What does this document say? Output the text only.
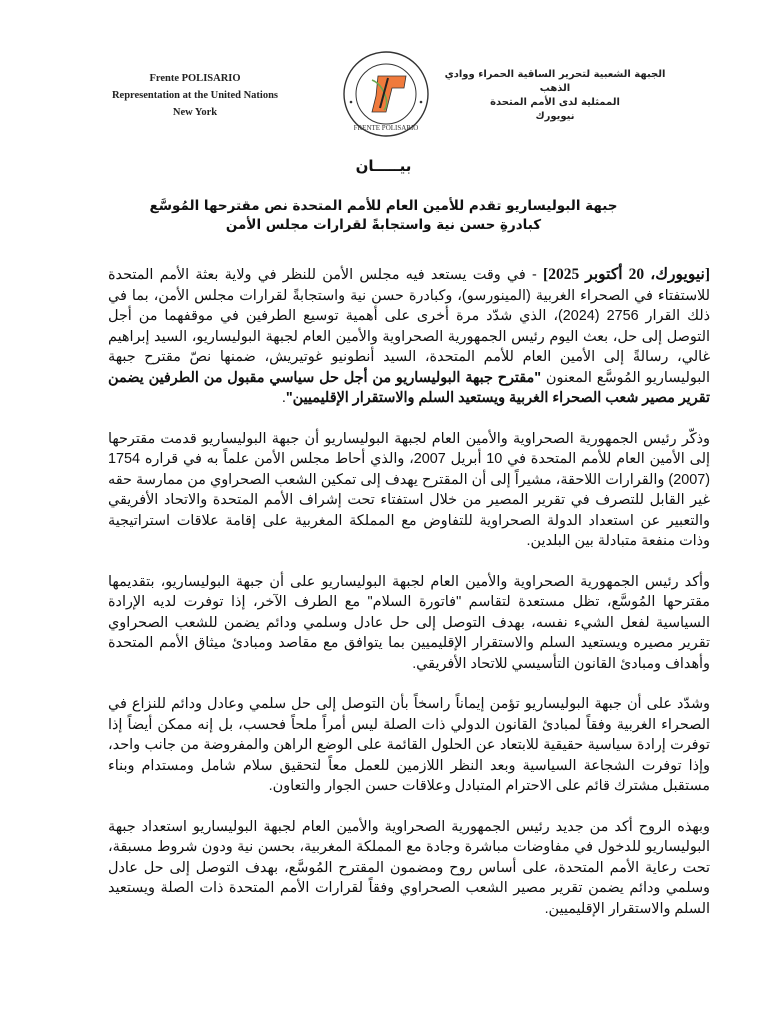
Frente POLISARIO
Representation at the United Nations
New York
FRENTE POLISARIO
الجبهة الشعبية لتحرير الساقية الحمراء ووادي الذهب
الممثلية لدى الأمم المتحدة
نيويورك
بيـــــان
جبهة البوليساريو تقدم للأمين العام للأمم المتحدة نص مقترحها المُوسَّع كبادرةِ حسن نية واستجابةً لقرارات مجلس الأمن

[نيويورك، 20 أكتوبر 2025] - في وقت يستعد فيه مجلس الأمن للنظر في ولاية بعثة الأمم المتحدة للاستفتاء في الصحراء الغربية (المينورسو)، وكبادرة حسن نية واستجابةً لقرارات مجلس الأمن، بما في ذلك القرار 2756 (2024)، الذي شدّد مرة أخرى على أهمية توسيع الطرفين في موقفهما من أجل التوصل إلى حل، بعث اليوم رئيس الجمهورية الصحراوية والأمين العام لجبهة البوليساريو، السيد إبراهيم غالي، رسالةً إلى الأمين العام للأمم المتحدة، السيد أنطونيو غوتيريش، ضمنها نصّ مقترح جبهة البوليساريو المُوسَّع المعنون "مقترح جبهة البوليساريو من أجل حل سياسي مقبول من الطرفين يضمن تقرير مصير شعب الصحراء الغربية ويستعيد السلم والاستقرار الإقليميين".

وذكّر رئيس الجمهورية الصحراوية والأمين العام لجبهة البوليساريو أن جبهة البوليساريو قدمت مقترحها إلى الأمين العام للأمم المتحدة في 10 أبريل 2007، والذي أحاط مجلس الأمن علماً به في قراره 1754 (2007) والقرارات اللاحقة، مشيراً إلى أن المقترح يهدف إلى تمكين الشعب الصحراوي من ممارسة حقه غير القابل للتصرف في تقرير المصير من خلال استفتاء تحت إشراف الأمم المتحدة والاتحاد الأفريقي والتعبير عن استعداد الدولة الصحراوية للتفاوض مع المملكة المغربية على إقامة علاقات استراتيجية وذات منفعة متبادلة بين البلدين.

وأكد رئيس الجمهورية الصحراوية والأمين العام لجبهة البوليساريو على أن جبهة البوليساريو، بتقديمها مقترحها المُوسَّع، تظل مستعدة لتقاسم "فاتورة السلام" مع الطرف الآخر، إذا توفرت لديه الإرادة السياسية لفعل الشيء نفسه، بهدف التوصل إلى حل عادل وسلمي ودائم يضمن للشعب الصحراوي تقرير مصيره ويستعيد السلم والاستقرار الإقليميين بما يتوافق مع مقاصد ومبادئ ميثاق الأمم المتحدة وأهداف ومبادئ القانون التأسيسي للاتحاد الأفريقي.

وشدّد على أن جبهة البوليساريو تؤمن إيماناً راسخاً بأن التوصل إلى حل سلمي وعادل ودائم للنزاع في الصحراء الغربية وفقاً لمبادئ القانون الدولي ذات الصلة ليس أمراً ملحاً فحسب، بل إنه ممكن أيضاً إذا توفرت إرادة سياسية حقيقية للابتعاد عن الحلول القائمة على الوضع الراهن والمفروضة من جانب واحد، وإذا توفرت الشجاعة السياسية وبعد النظر اللازمين للعمل معاً لتحقيق سلام شامل ومستدام وبناء مستقبل مشترك قائم على الاحترام المتبادل وعلاقات حسن الجوار والتعاون.

وبهذه الروح أكد من جديد رئيس الجمهورية الصحراوية والأمين العام لجبهة البوليساريو استعداد جبهة البوليساريو للدخول في مفاوضات مباشرة وجادة مع المملكة المغربية، بحسن نية ودون شروط مسبقة، تحت رعاية الأمم المتحدة، على أساس روح ومضمون المقترح المُوسَّع، بهدف التوصل إلى حل عادل وسلمي ودائم يضمن تقرير مصير الشعب الصحراوي وفقاً لقرارات الأمم المتحدة ذات الصلة ويستعيد السلم والاستقرار الإقليميين.
